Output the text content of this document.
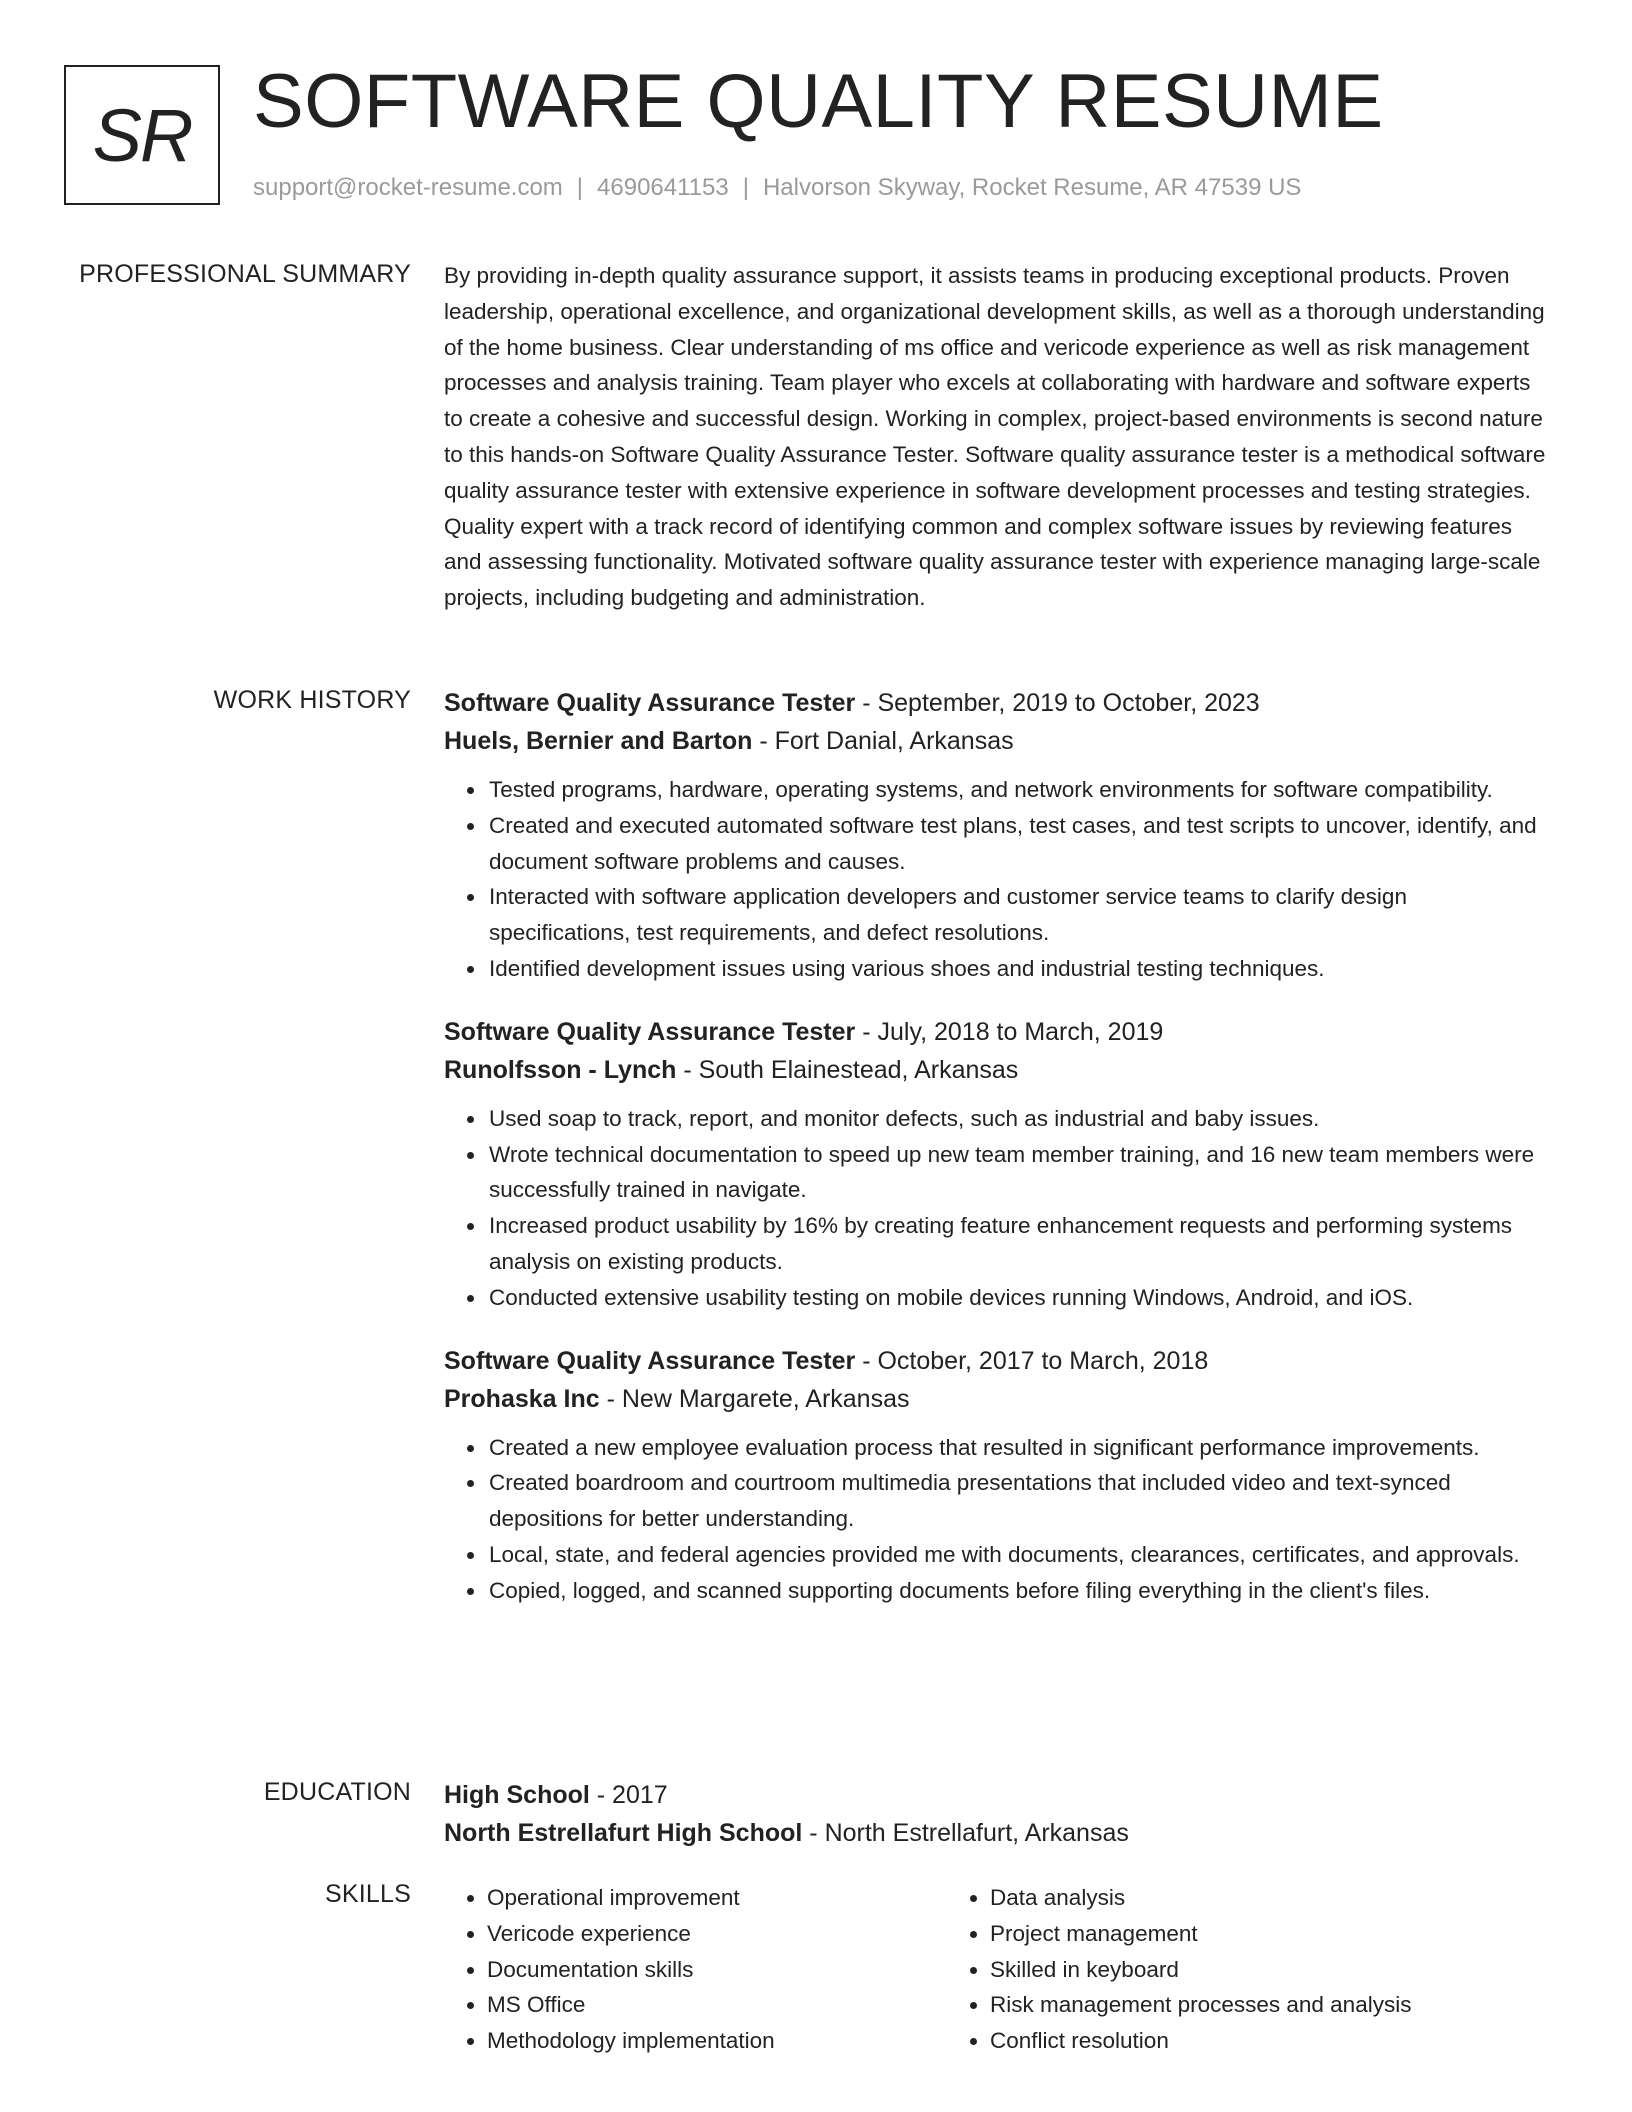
SR SOFTWARE QUALITY RESUME
support@rocket-resume.com | 4690641153 | Halvorson Skyway, Rocket Resume, AR 47539 US
PROFESSIONAL SUMMARY By providing in-depth quality assurance support, it assists teams in producing exceptional products. Proven leadership, operational excellence, and organizational development skills, as well as a thorough understanding of the home business. Clear understanding of ms office and vericode experience as well as risk management processes and analysis training. Team player who excels at collaborating with hardware and software experts to create a cohesive and successful design. Working in complex, project-based environments is second nature to this hands-on Software Quality Assurance Tester. Software quality assurance tester is a methodical software quality assurance tester with extensive experience in software development processes and testing strategies. Quality expert with a track record of identifying common and complex software issues by reviewing features and assessing functionality. Motivated software quality assurance tester with experience managing large-scale projects, including budgeting and administration.

WORK HISTORY Software Quality Assurance Tester - September, 2019 to October, 2023
Huels, Bernier and Barton - Fort Danial, Arkansas
• Tested programs, hardware, operating systems, and network environments for software compatibility.
• Created and executed automated software test plans, test cases, and test scripts to uncover, identify, and document software problems and causes.
• Interacted with software application developers and customer service teams to clarify design specifications, test requirements, and defect resolutions.
• Identified development issues using various shoes and industrial testing techniques.
Software Quality Assurance Tester - July, 2018 to March, 2019
Runolfsson - Lynch - South Elainestead, Arkansas
• Used soap to track, report, and monitor defects, such as industrial and baby issues.
• Wrote technical documentation to speed up new team member training, and 16 new team members were successfully trained in navigate.
• Increased product usability by 16% by creating feature enhancement requests and performing systems analysis on existing products.
• Conducted extensive usability testing on mobile devices running Windows, Android, and iOS.
Software Quality Assurance Tester - October, 2017 to March, 2018
Prohaska Inc - New Margarete, Arkansas
• Created a new employee evaluation process that resulted in significant performance improvements.
• Created boardroom and courtroom multimedia presentations that included video and text-synced depositions for better understanding.
• Local, state, and federal agencies provided me with documents, clearances, certificates, and approvals.
• Copied, logged, and scanned supporting documents before filing everything in the client's files.
EDUCATION High School - 2017
North Estrellafurt High School - North Estrellafurt, Arkansas
SKILLS
•	Operational improvement
• Vericode experience
• Documentation skills
• MS Office
• Methodology implementation
• Data analysis
• Project management
• Skilled in keyboard
• Risk management processes and analysis
• Conflict resolution
